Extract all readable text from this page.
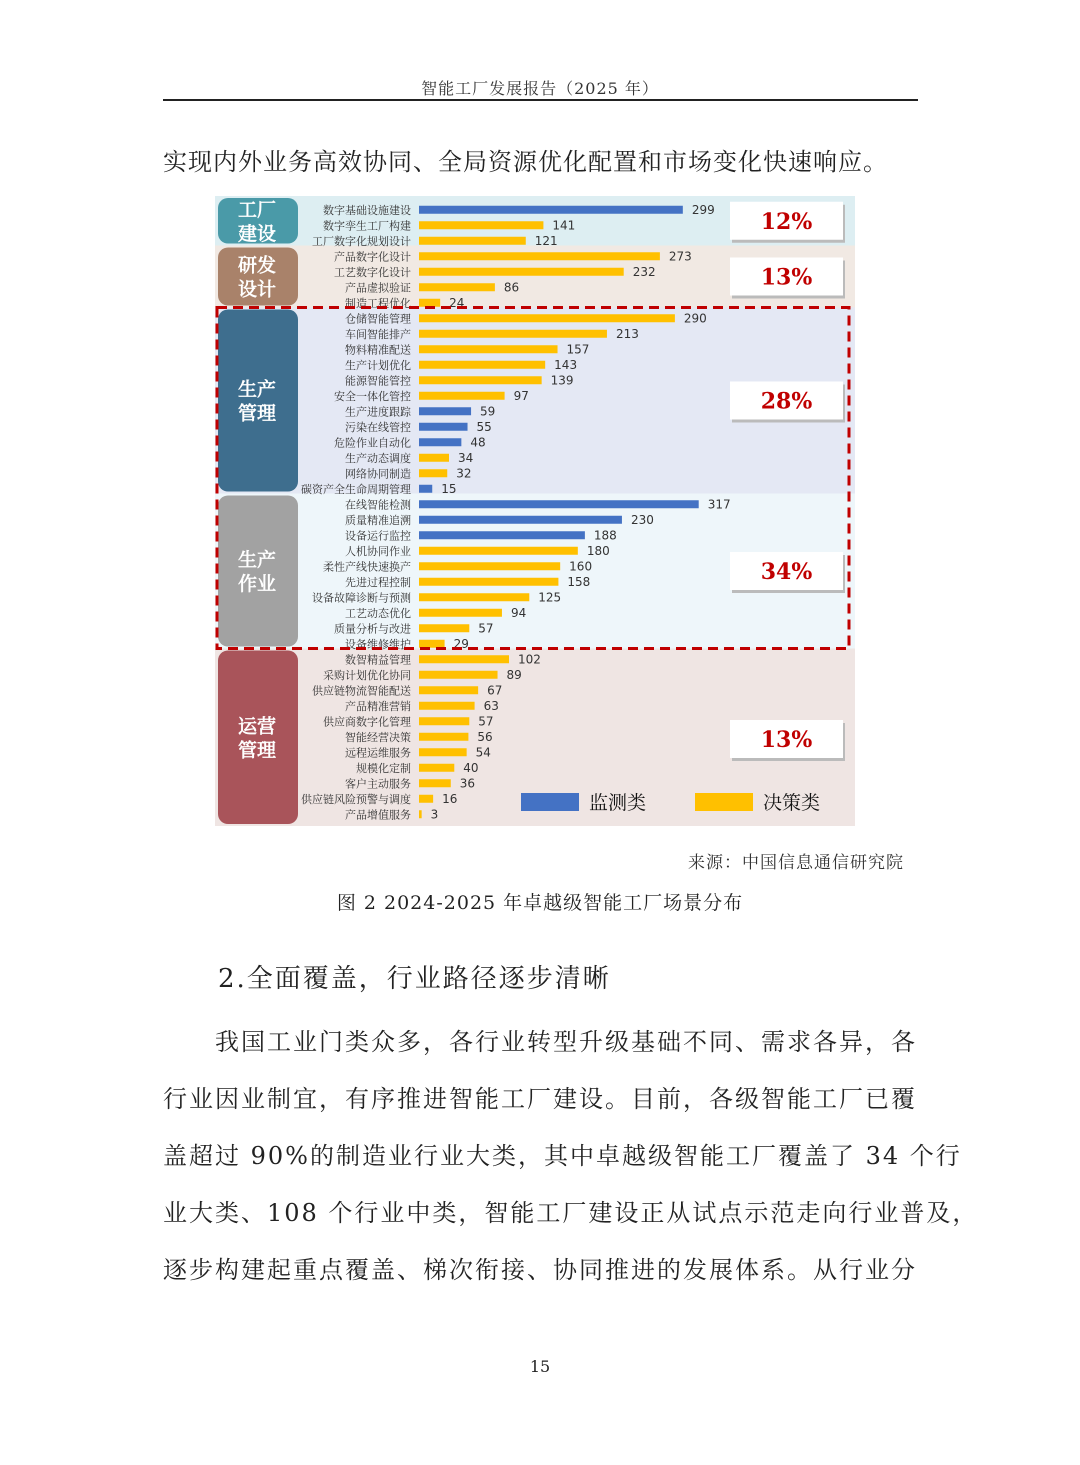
智能工厂发展报告（2025 年）
实现内外业务高效协同、全局资源优化配置和市场变化快速响应。
工厂
建设
研发
设计
生产
管理
生产
作业
运营
管理
数字基础设施建设	299
数字孪生工厂构建	141
工厂数字化规划设计	121
产品数字化设计	273
工艺数字化设计	232
产品虚拟验证	86
制造工程优化	24
仓储智能管理	290
车间智能排产	213
物料精准配送	157
生产计划优化	143
能源智能管控	139
安全一体化管控	97
生产进度跟踪	59
污染在线管控	55
危险作业自动化	48
生产动态调度	34
网络协同制造	32
碳资产全生命周期管理	15
在线智能检测	317
质量精准追溯	230
设备运行监控	188
人机协同作业	180
柔性产线快速换产	160
先进过程控制	158
设备故障诊断与预测	125
工艺动态优化	94
质量分析与改进	57
设备维修维护	29
数智精益管理	102
采购计划优化协同	89
供应链物流智能配送	67
产品精准营销	63
供应商数字化管理	57
智能经营决策	56
远程运维服务	54
规模化定制	40
客户主动服务	36
供应链风险预警与调度	16
产品增值服务 3
12%
13%
28%
34%
13%
监测类	决策类
来源：中国信息通信研究院
图 2 2024-2025 年卓越级智能工厂场景分布
2.全面覆盖，行业路径逐步清晰
　　我国工业门类众多，各行业转型升级基础不同、需求各异，各
行业因业制宜，有序推进智能工厂建设。目前，各级智能工厂已覆
盖超过 90%的制造业行业大类，其中卓越级智能工厂覆盖了 34 个行
业大类、108 个行业中类，智能工厂建设正从试点示范走向行业普及，
逐步构建起重点覆盖、梯次衔接、协同推进的发展体系。从行业分
15
